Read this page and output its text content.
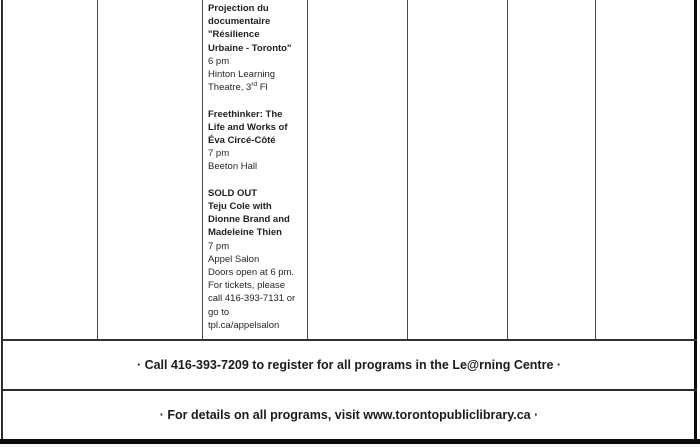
Projection du
documentaire
"Résilience
Urbaine - Toronto"
6 pm
Hinton Learning
Theatre, 3rd Fl
Freethinker: The
Life and Works of
Éva Circé-Côté
7 pm
Beeton Hall
SOLD OUT
Teju Cole with
Dionne Brand and
Madeleine Thien
7 pm
Appel Salon
Doors open at 6 pm.
For tickets, please
call 416-393-7131 or
go to
tpl.ca/appelsalon
· Call 416-393-7209 to register for all programs in the Le@rning Centre ·
· For details on all programs, visit www.torontopubliclibrary.ca ·
